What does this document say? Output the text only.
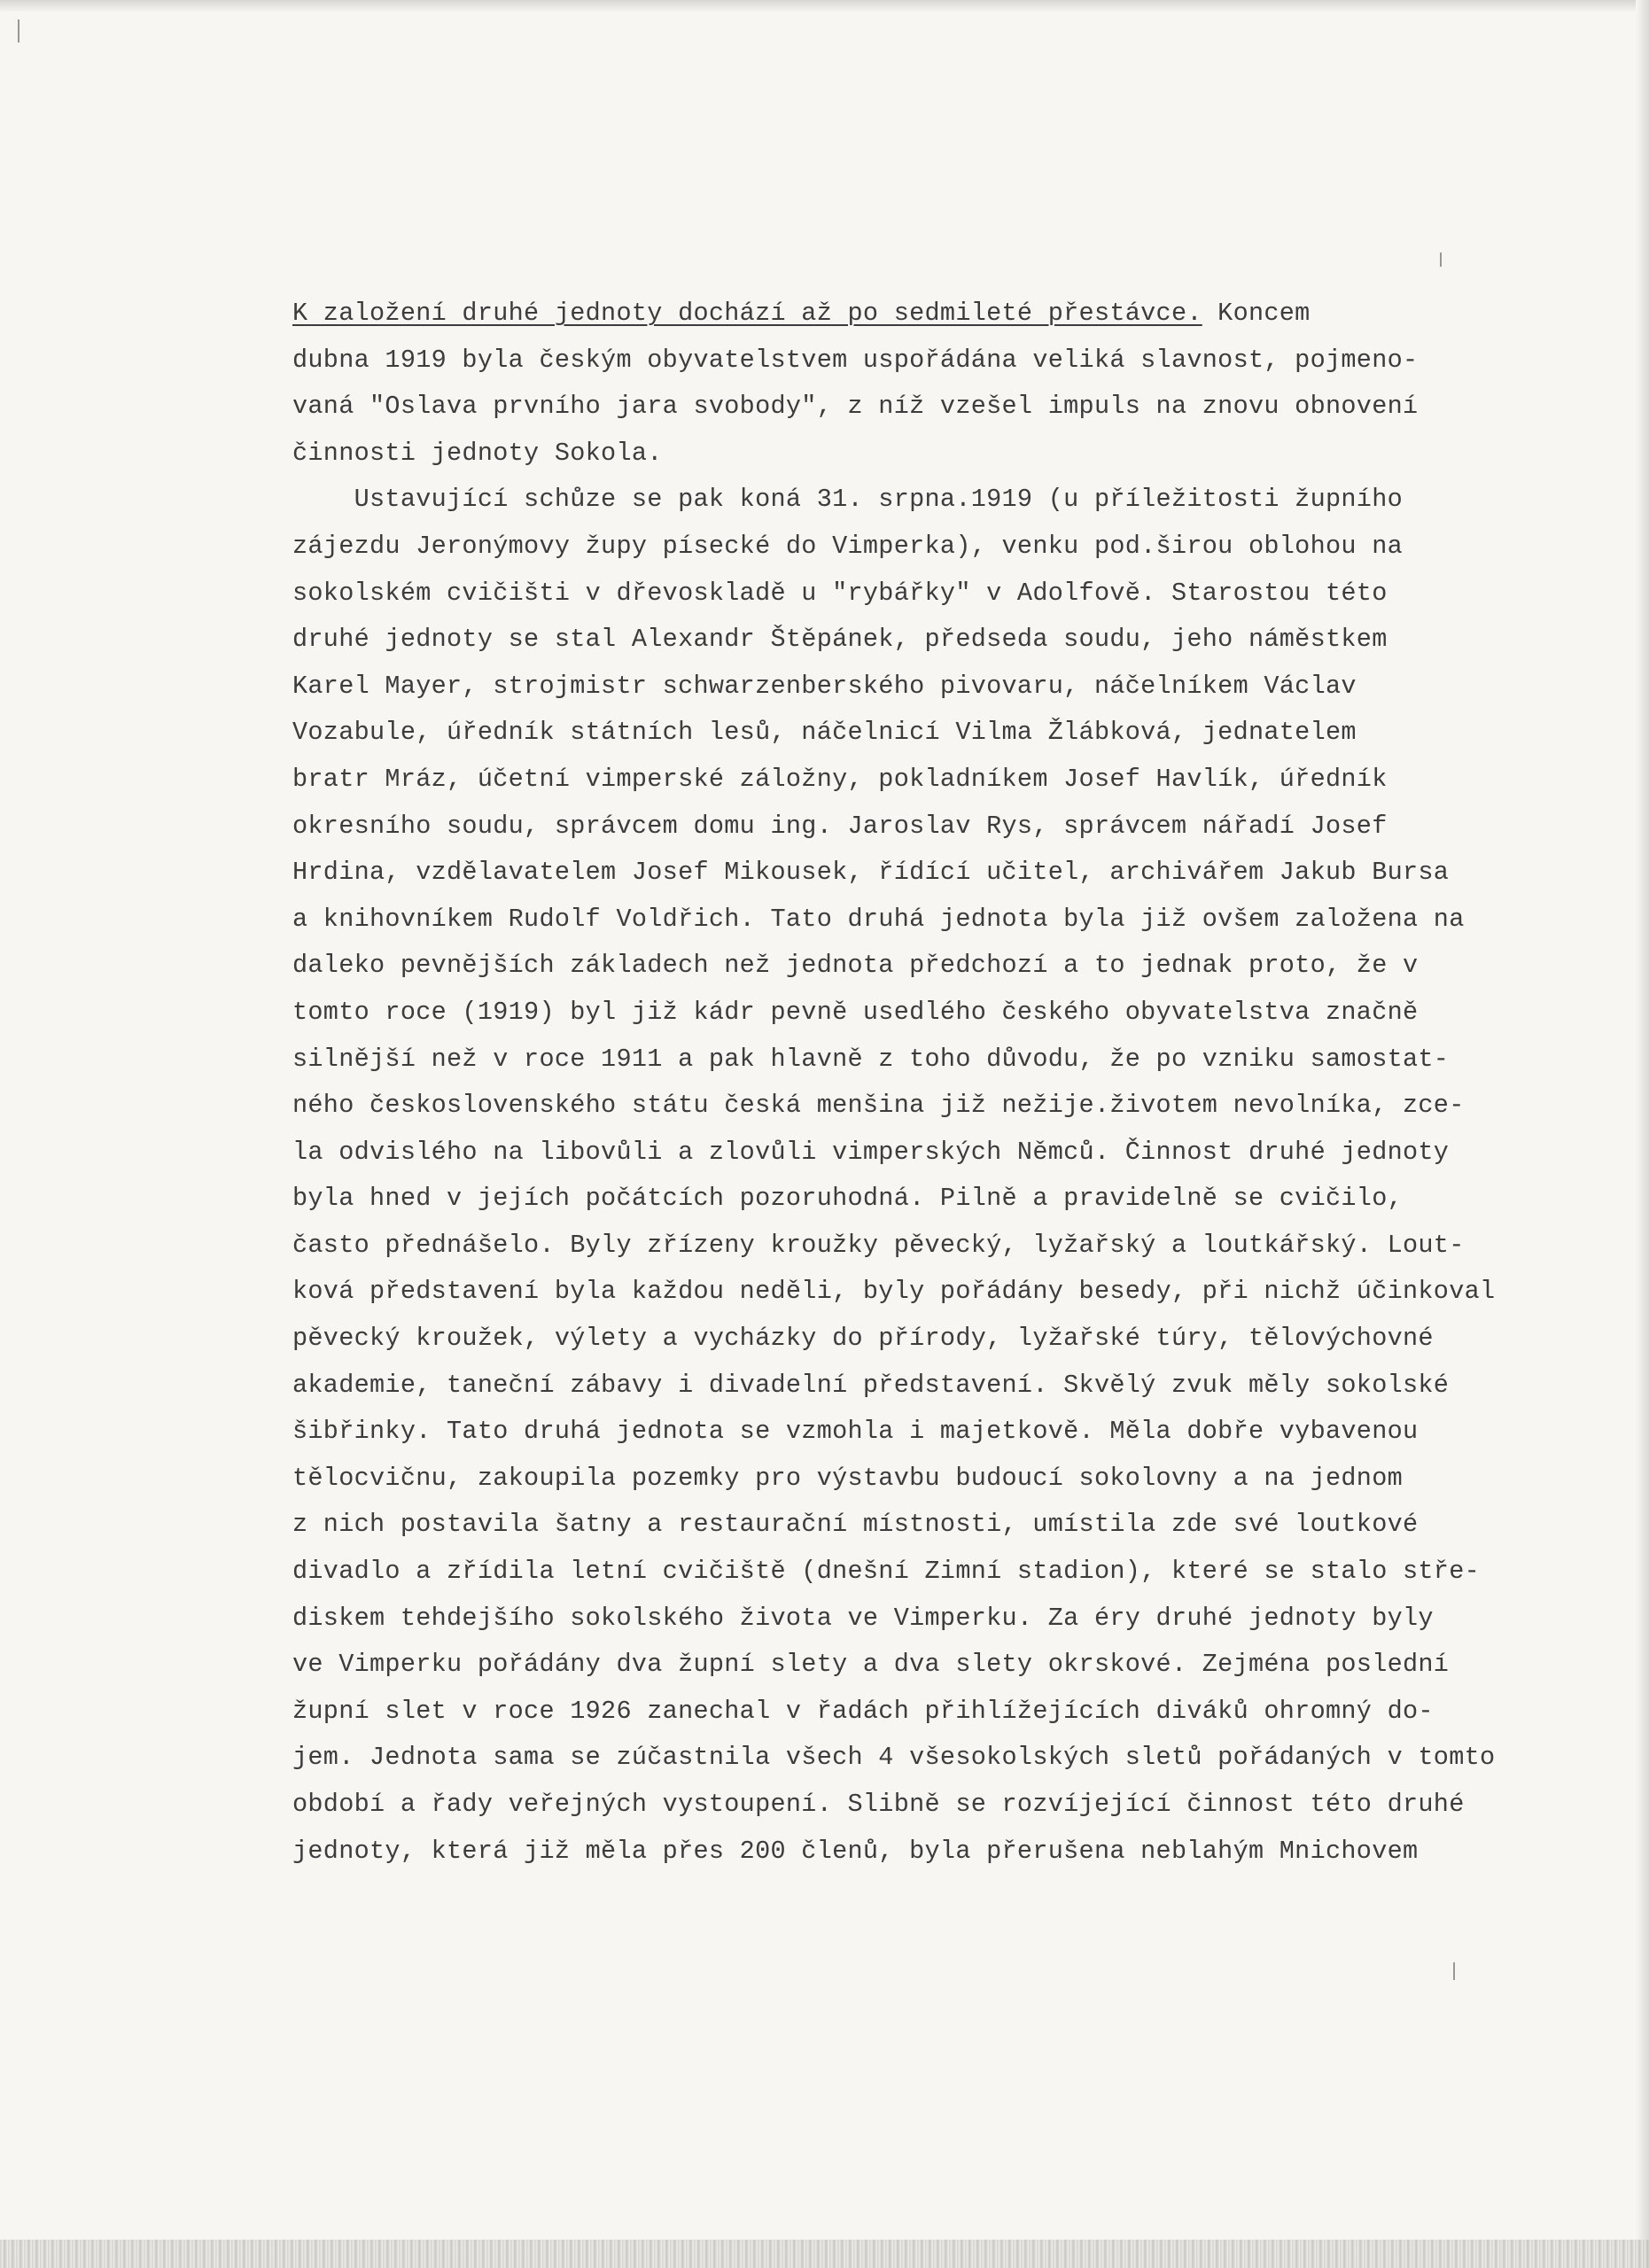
K založení druhé jednoty dochází až po sedmileté přestávce. Koncem
dubna 1919 byla českým obyvatelstvem uspořádána veliká slavnost, pojmeno-
vaná "Oslava prvního jara svobody", z níž vzešel impuls na znovu obnovení
činnosti jednoty Sokola.
Ustavující schůze se pak koná 31. srpna.1919 (u příležitosti župního
zájezdu Jeronýmovy župy písecké do Vimperka), venku pod.širou oblohou na
sokolském cvičišti v dřevoskladě u "rybářky" v Adolfově. Starostou této
druhé jednoty se stal Alexandr Štěpánek, předseda soudu, jeho náměstkem
Karel Mayer, strojmistr schwarzenberského pivovaru, náčelníkem Václav
Vozabule, úředník státních lesů, náčelnicí Vilma Žlábková, jednatelem
bratr Mráz, účetní vimperské záložny, pokladníkem Josef Havlík, úředník
okresního soudu, správcem domu ing. Jaroslav Rys, správcem nářadí Josef
Hrdina, vzdělavatelem Josef Mikousek, řídící učitel, archivářem Jakub Bursa
a knihovníkem Rudolf Voldřich. Tato druhá jednota byla již ovšem založena na
daleko pevnějších základech než jednota předchozí a to jednak proto, že v
tomto roce (1919) byl již kádr pevně usedlého českého obyvatelstva značně
silnější než v roce 1911 a pak hlavně z toho důvodu, že po vzniku samostat-
ného československého státu česká menšina již nežije.životem nevolníka, zce-
la odvislého na libovůli a zlovůli vimperských Němců. Činnost druhé jednoty
byla hned v jejích počátcích pozoruhodná. Pilně a pravidelně se cvičilo,
často přednášelo. Byly zřízeny kroužky pěvecký, lyžařský a loutkářský. Lout-
ková představení byla každou neděli, byly pořádány besedy, při nichž účinkoval
pěvecký kroužek, výlety a vycházky do přírody, lyžařské túry, tělovýchovné
akademie, taneční zábavy i divadelní představení. Skvělý zvuk měly sokolské
šibřinky. Tato druhá jednota se vzmohla i majetkově. Měla dobře vybavenou
tělocvičnu, zakoupila pozemky pro výstavbu budoucí sokolovny a na jednom
z nich postavila šatny a restaurační místnosti, umístila zde své loutkové
divadlo a zřídila letní cvičiště (dnešní Zimní stadion), které se stalo stře-
diskem tehdejšího sokolského života ve Vimperku. Za éry druhé jednoty byly
ve Vimperku pořádány dva župní slety a dva slety okrskové. Zejména poslední
župní slet v roce 1926 zanechal v řadách přihlížejících diváků ohromný do-
jem. Jednota sama se zúčastnila všech 4 všesokolských sletů pořádaných v tomto
období a řady veřejných vystoupení. Slibně se rozvíjející činnost této druhé
jednoty, která již měla přes 200 členů, byla přerušena neblahým Mnichovem
